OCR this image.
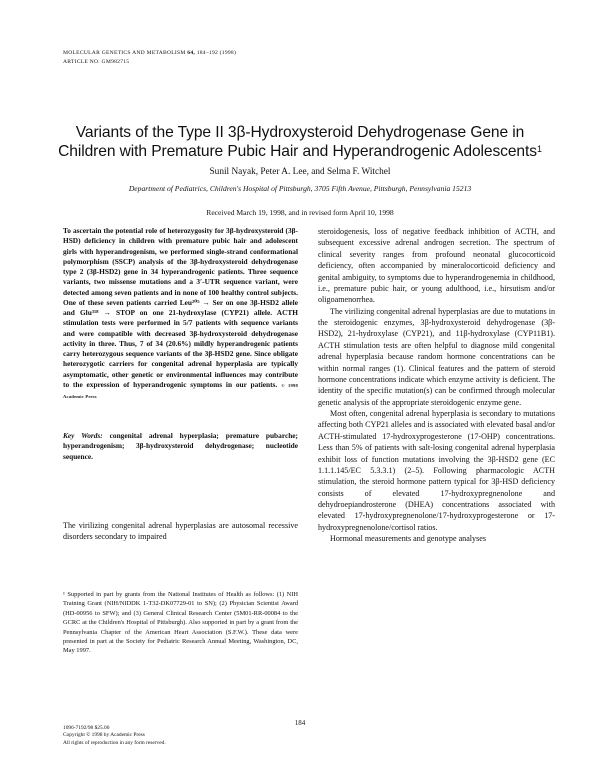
MOLECULAR GENETICS AND METABOLISM 64, 184–192 (1998)
ARTICLE NO. GM982715
Variants of the Type II 3β-Hydroxysteroid Dehydrogenase Gene in
Children with Premature Pubic Hair and Hyperandrogenic Adolescents$^1$
Sunil Nayak, Peter A. Lee, and Selma F. Witchel
Department of Pediatrics, Children's Hospital of Pittsburgh, 3705 Fifth Avenue, Pittsburgh, Pennsylvania 15213
Received March 19, 1998, and in revised form April 10, 1998
To ascertain the potential role of heterozygosity for 3β-hydroxysteroid (3β-HSD) deficiency in children with premature pubic hair and adolescent girls with hyperandrogenism, we performed single-strand conformational polymorphism (SSCP) analysis of the 3β-hydroxysteroid dehydrogenase type 2 (3β-HSD2) gene in 34 hyperandrogenic patients. Three sequence variants, two missense mutations and a 3′-UTR sequence variant, were detected among seven patients and in none of 100 healthy control subjects. One of these seven patients carried Leu²⁰⁵ → Ser on one 3β-HSD2 allele and Glu³¹⁸ → STOP on one 21-hydroxylase (CYP21) allele. ACTH stimulation tests were performed in 5/7 patients with sequence variants and were compatible with decreased 3β-hydroxysteroid dehydrogenase activity in three. Thus, 7 of 34 (20.6%) mildly hyperandrogenic patients carry heterozygous sequence variants of the 3β-HSD2 gene. Since obligate heterozygotic carriers for congenital adrenal hyperplasia are typically asymptomatic, other genetic or environmental influences may contribute to the expression of hyperandrogenic symptoms in our patients. © 1998 Academic Press
Key Words: congenital adrenal hyperplasia; premature pubarche; hyperandrogenism; 3β-hydroxysteroid dehydrogenase; nucleotide sequence.
The virilizing congenital adrenal hyperplasias are autosomal recessive disorders secondary to impaired
¹ Supported in part by grants from the National Institutes of Health as follows: (1) NIH Training Grant (NIH/NIDDK 1-T32-DK07729-01 to SN); (2) Physician Scientist Award (HD-00956 to SFW); and (3) General Clinical Research Center (5M01-RR-00084 to the GCRC at the Children's Hospital of Pittsburgh). Also supported in part by a grant from the Pennsylvania Chapter of the American Heart Association (S.F.W.). These data were presented in part at the Society for Pediatric Research Annual Meeting, Washington, DC, May 1997.

steroidogenesis, loss of negative feedback inhibition of ACTH, and subsequent excessive adrenal androgen secretion. The spectrum of clinical severity ranges from profound neonatal glucocorticoid deficiency, often accompanied by mineralocorticoid deficiency and genital ambiguity, to symptoms due to hyperandrogenemia in childhood, i.e., premature pubic hair, or young adulthood, i.e., hirsutism and/or oligoamenorrhea.

The virilizing congenital adrenal hyperplasias are due to mutations in the steroidogenic enzymes, 3β-hydroxysteroid dehydrogenase (3β-HSD2), 21-hydroxylase (CYP21), and 11β-hydroxylase (CYP11B1). ACTH stimulation tests are often helpful to diagnose mild congenital adrenal hyperplasia because random hormone concentrations can be within normal ranges (1). Clinical features and the pattern of steroid hormone concentrations indicate which enzyme activity is deficient. The identity of the specific mutation(s) can be confirmed through molecular genetic analysis of the appropriate steroidogenic enzyme gene.

Most often, congenital adrenal hyperplasia is secondary to mutations affecting both CYP21 alleles and is associated with elevated basal and/or ACTH-stimulated 17-hydroxyprogesterone (17-OHP) concentrations. Less than 5% of patients with salt-losing congenital adrenal hyperplasia exhibit loss of function mutations involving the 3β-HSD2 gene (EC 1.1.1.145/EC 5.3.3.1) (2–5). Following pharmacologic ACTH stimulation, the steroid hormone pattern typical for 3β-HSD deficiency consists of elevated 17-hydroxypregnenolone and dehydroepiandrosterone (DHEA) concentrations associated with elevated 17-hydroxypregnenolone/17-hydroxyprogesterone or 17-hydroxypregnenolone/cortisol ratios.

Hormonal measurements and genotype analyses

184
1096-7192/98 $25.00
Copyright © 1998 by Academic Press
All rights of reproduction in any form reserved.
